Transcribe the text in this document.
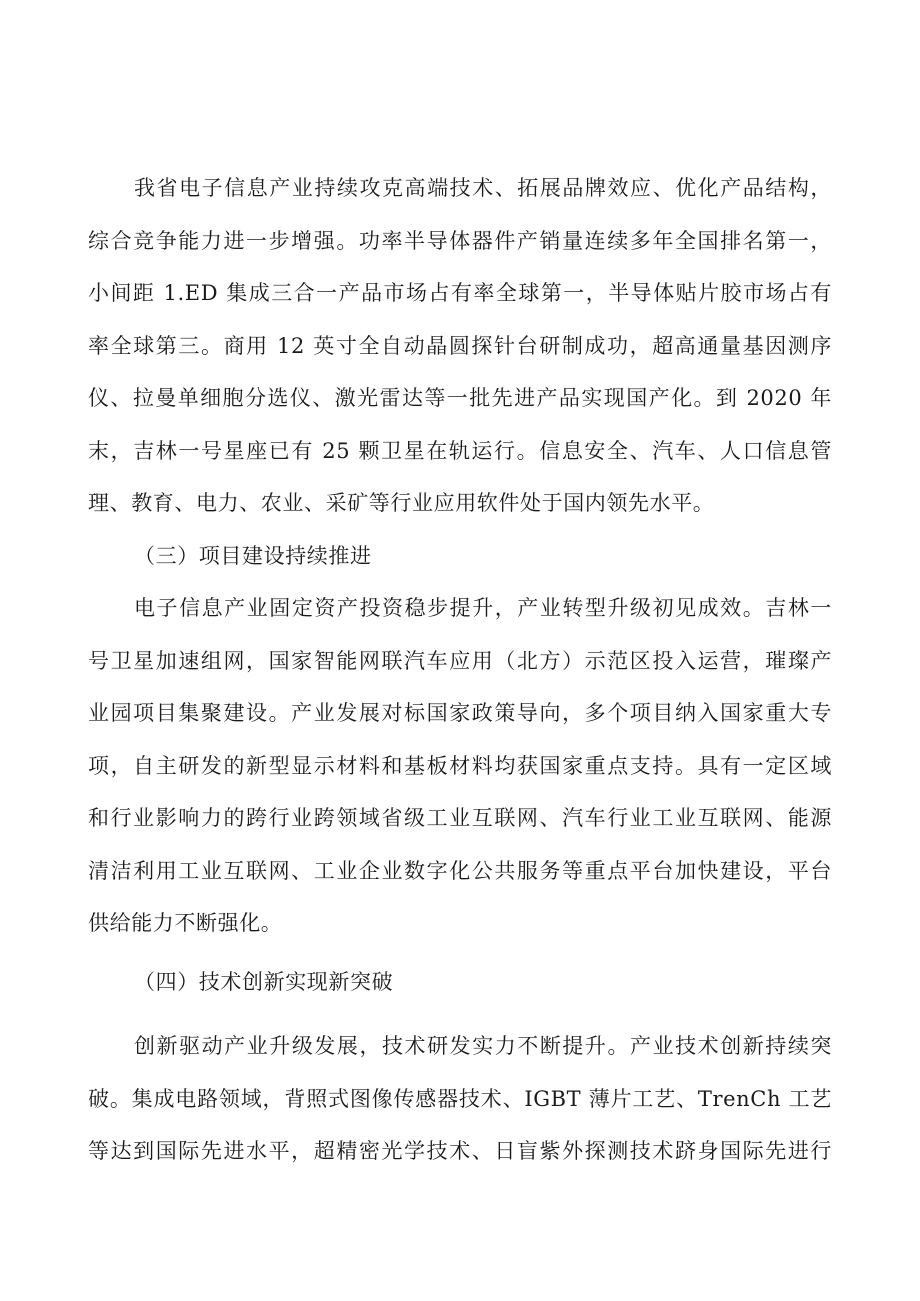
我省电子信息产业持续攻克高端技术、拓展品牌效应、优化产品结构，
综合竞争能力进一步增强。功率半导体器件产销量连续多年全国排名第一，
小间距 1.ED 集成三合一产品市场占有率全球第一，半导体贴片胶市场占有
率全球第三。商用 12 英寸全自动晶圆探针台研制成功，超高通量基因测序
仪、拉曼单细胞分选仪、激光雷达等一批先进产品实现国产化。到 2020 年
末，吉林一号星座已有 25 颗卫星在轨运行。信息安全、汽车、人口信息管
理、教育、电力、农业、采矿等行业应用软件处于国内领先水平。
（三）项目建设持续推进
电子信息产业固定资产投资稳步提升，产业转型升级初见成效。吉林一
号卫星加速组网，国家智能网联汽车应用（北方）示范区投入运营，璀璨产
业园项目集聚建设。产业发展对标国家政策导向，多个项目纳入国家重大专
项，自主研发的新型显示材料和基板材料均获国家重点支持。具有一定区域
和行业影响力的跨行业跨领域省级工业互联网、汽车行业工业互联网、能源
清洁利用工业互联网、工业企业数字化公共服务等重点平台加快建设，平台
供给能力不断强化。
（四）技术创新实现新突破
创新驱动产业升级发展，技术研发实力不断提升。产业技术创新持续突
破。集成电路领域，背照式图像传感器技术、IGBT 薄片工艺、TrenCh 工艺
等达到国际先进水平，超精密光学技术、日盲紫外探测技术跻身国际先进行
